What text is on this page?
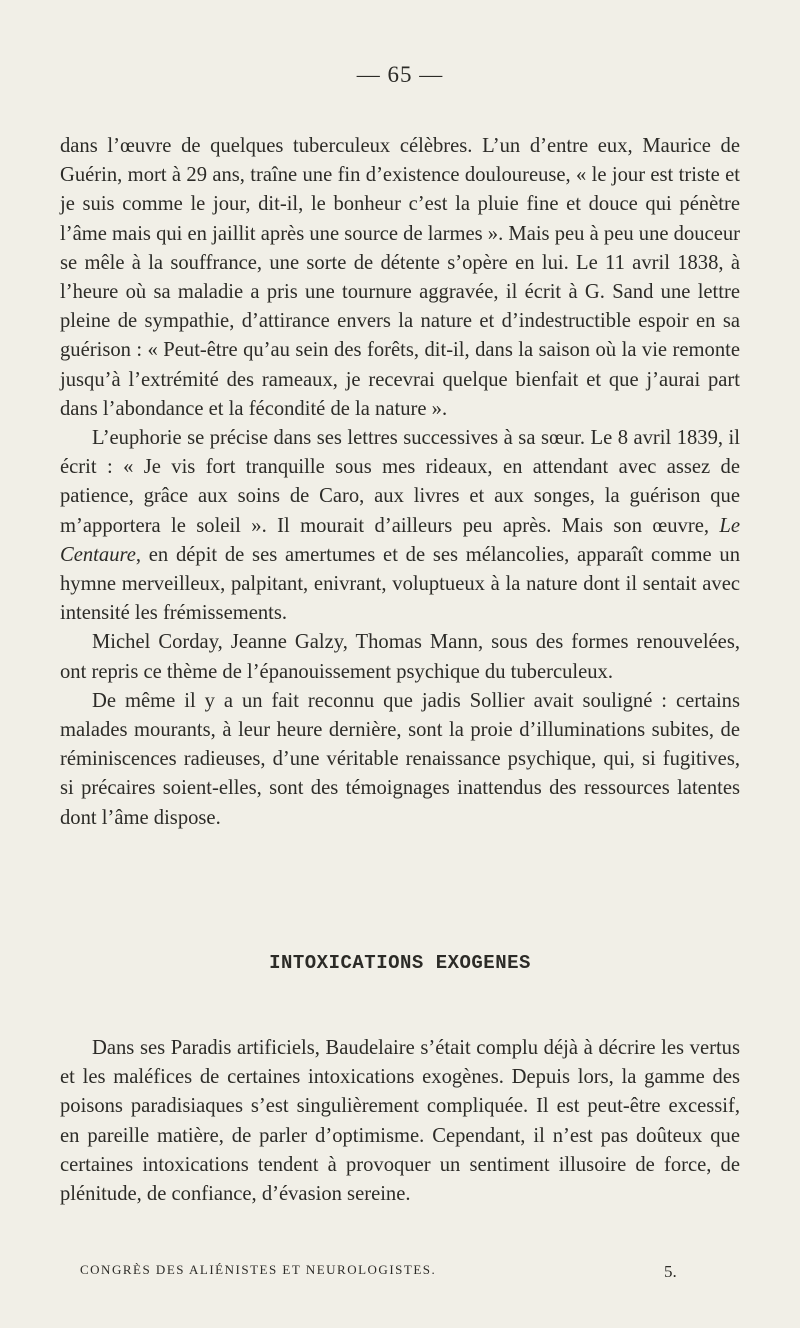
— 65 —

dans l’œuvre de quelques tuberculeux célèbres. L’un d’entre eux, Maurice de Guérin, mort à 29 ans, traîne une fin d’existence douloureuse, « le jour est triste et je suis comme le jour, dit-il, le bonheur c’est la pluie fine et douce qui pénètre l’âme mais qui en jaillit après une source de larmes ». Mais peu à peu une douceur se mêle à la souffrance, une sorte de détente s’opère en lui. Le 11 avril 1838, à l’heure où sa maladie a pris une tournure aggravée, il écrit à G. Sand une lettre pleine de sympathie, d’attirance envers la nature et d’indestructible espoir en sa guérison : « Peut-être qu’au sein des forêts, dit-il, dans la saison où la vie remonte jusqu’à l’extrémité des rameaux, je recevrai quelque bienfait et que j’aurai part dans l’abondance et la fécondité de la nature ».

L’euphorie se précise dans ses lettres successives à sa sœur. Le 8 avril 1839, il écrit : « Je vis fort tranquille sous mes rideaux, en attendant avec assez de patience, grâce aux soins de Caro, aux livres et aux songes, la guérison que m’apportera le soleil ». Il mourait d’ailleurs peu après. Mais son œuvre, Le Centaure, en dépit de ses amertumes et de ses mélancolies, apparaît comme un hymne merveilleux, palpitant, enivrant, voluptueux à la nature dont il sentait avec intensité les frémissements.

Michel Corday, Jeanne Galzy, Thomas Mann, sous des formes renouvelées, ont repris ce thème de l’épanouissement psychique du tuberculeux.

De même il y a un fait reconnu que jadis Sollier avait souligné : certains malades mourants, à leur heure dernière, sont la proie d’illuminations subites, de réminiscences radieuses, d’une véritable renaissance psychique, qui, si fugitives, si précaires soient-elles, sont des témoignages inattendus des ressources latentes dont l’âme dispose.

INTOXICATIONS EXOGENES

Dans ses Paradis artificiels, Baudelaire s’était complu déjà à décrire les vertus et les maléfices de certaines intoxications exogènes. Depuis lors, la gamme des poisons paradisiaques s’est singulièrement compliquée. Il est peut-être excessif, en pareille matière, de parler d’optimisme. Cependant, il n’est pas doûteux que certaines intoxications tendent à provoquer un sentiment illusoire de force, de plénitude, de confiance, d’évasion sereine.

CONGRÈS DES ALIÉNISTES ET NEUROLOGISTES.	5.
